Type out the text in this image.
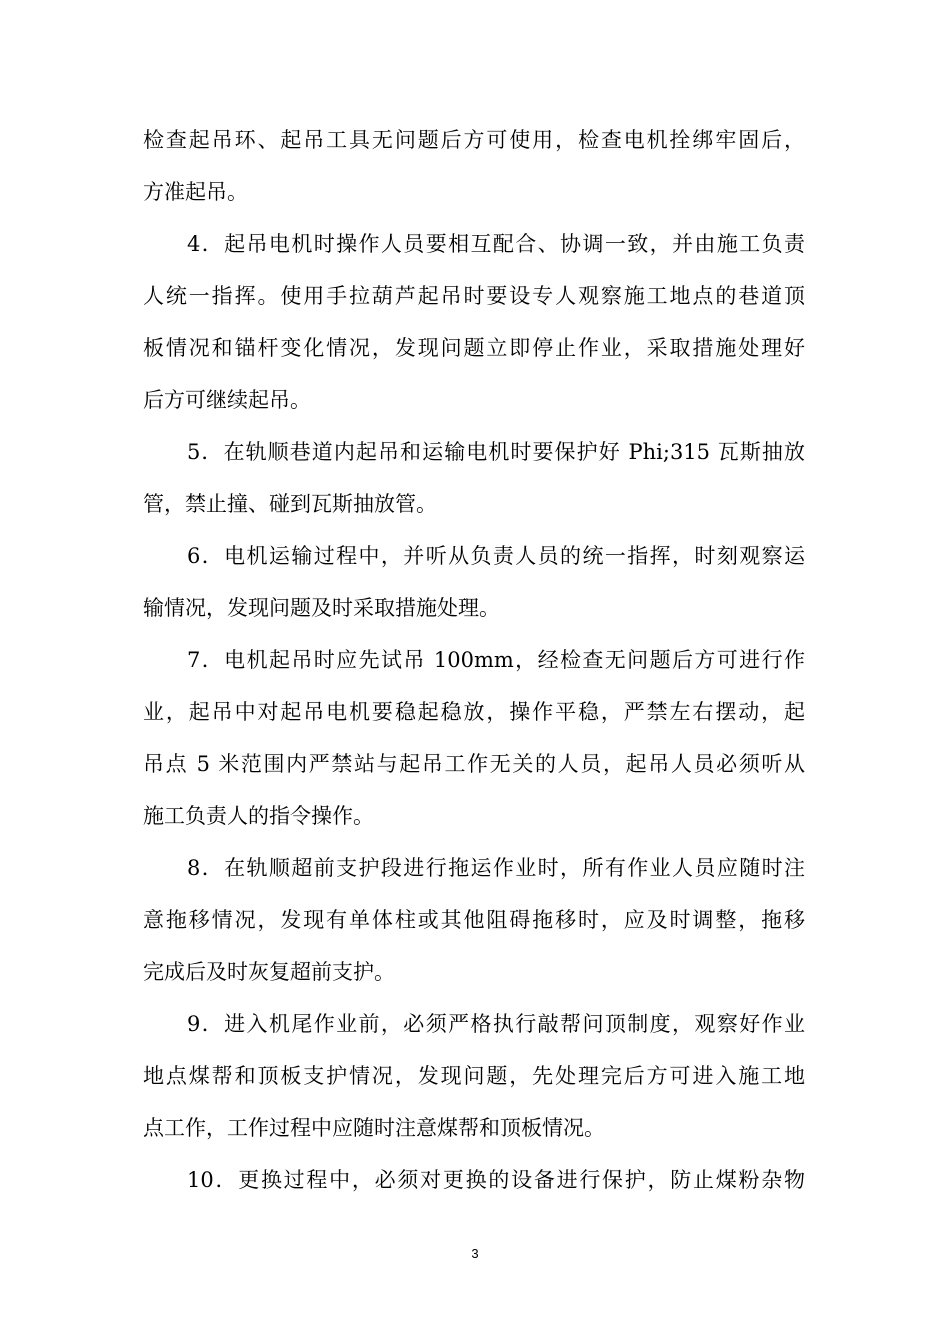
检查起吊环、起吊工具无问题后方可使用，检查电机拴绑牢固后，
方准起吊。
4．起吊电机时操作人员要相互配合、协调一致，并由施工负责
人统一指挥。使用手拉葫芦起吊时要设专人观察施工地点的巷道顶
板情况和锚杆变化情况，发现问题立即停止作业，采取措施处理好
后方可继续起吊。
5．在轨顺巷道内起吊和运输电机时要保护好 Phi;315 瓦斯抽放
管，禁止撞、碰到瓦斯抽放管。
6．电机运输过程中，并听从负责人员的统一指挥，时刻观察运
输情况，发现问题及时采取措施处理。
7．电机起吊时应先试吊 100mm，经检查无问题后方可进行作
业，起吊中对起吊电机要稳起稳放，操作平稳，严禁左右摆动，起
吊点 5 米范围内严禁站与起吊工作无关的人员，起吊人员必须听从
施工负责人的指令操作。
8．在轨顺超前支护段进行拖运作业时，所有作业人员应随时注
意拖移情况，发现有单体柱或其他阻碍拖移时，应及时调整，拖移
完成后及时灰复超前支护。
9．进入机尾作业前，必须严格执行敲帮问顶制度，观察好作业
地点煤帮和顶板支护情况，发现问题，先处理完后方可进入施工地
点工作，工作过程中应随时注意煤帮和顶板情况。
10．更换过程中，必须对更换的设备进行保护，防止煤粉杂物
3
